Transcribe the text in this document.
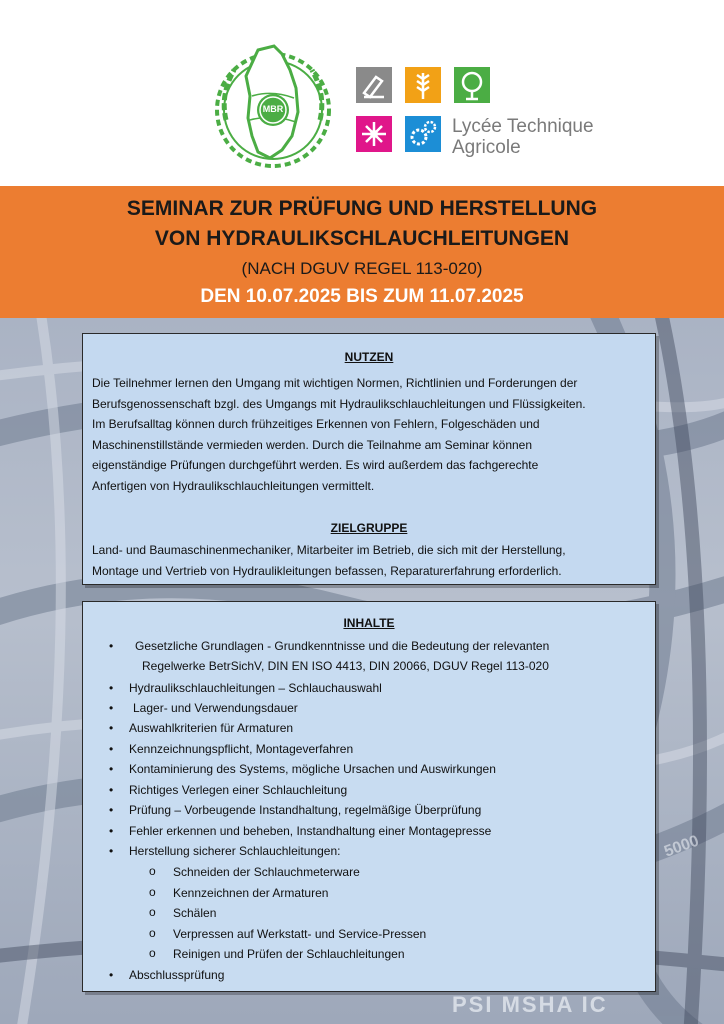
MBR
Lycée Technique
Agricole
SEMINAR ZUR PRÜFUNG UND HERSTELLUNG
VON HYDRAULIKSCHLAUCHLEITUNGEN
(NACH DGUV REGEL 113-020)
DEN 10.07.2025 BIS ZUM 11.07.2025
PSI MSHA IC
5000
NUTZEN
Die Teilnehmer lernen den Umgang mit wichtigen Normen, Richtlinien und Forderungen der
Berufsgenossenschaft bzgl. des Umgangs mit Hydraulikschlauchleitungen und Flüssigkeiten.
Im Berufsalltag können durch frühzeitiges Erkennen von Fehlern, Folgeschäden und
Maschinenstillstände vermieden werden. Durch die Teilnahme am Seminar können
eigenständige Prüfungen durchgeführt werden. Es wird außerdem das fachgerechte
Anfertigen von Hydraulikschlauchleitungen vermittelt.
ZIELGRUPPE
Land- und Baumaschinenmechaniker, Mitarbeiter im Betrieb, die sich mit der Herstellung,
Montage und Vertrieb von Hydraulikleitungen befassen, Reparaturerfahrung erforderlich.
INHALTE
• Gesetzliche Grundlagen - Grundkenntnisse und die Bedeutung der relevanten
Regelwerke BetrSichV, DIN EN ISO 4413, DIN 20066, DGUV Regel 113-020
• Hydraulikschlauchleitungen – Schlauchauswahl
• Lager- und Verwendungsdauer
• Auswahlkriterien für Armaturen
• Kennzeichnungspflicht, Montageverfahren
• Kontaminierung des Systems, mögliche Ursachen und Auswirkungen
• Richtiges Verlegen einer Schlauchleitung
• Prüfung – Vorbeugende Instandhaltung, regelmäßige Überprüfung
• Fehler erkennen und beheben, Instandhaltung einer Montagepresse
• Herstellung sicherer Schlauchleitungen:
o Schneiden der Schlauchmeterware
o Kennzeichnen der Armaturen
o Schälen
o Verpressen auf Werkstatt- und Service-Pressen
o Reinigen und Prüfen der Schlauchleitungen
• Abschlussprüfung
